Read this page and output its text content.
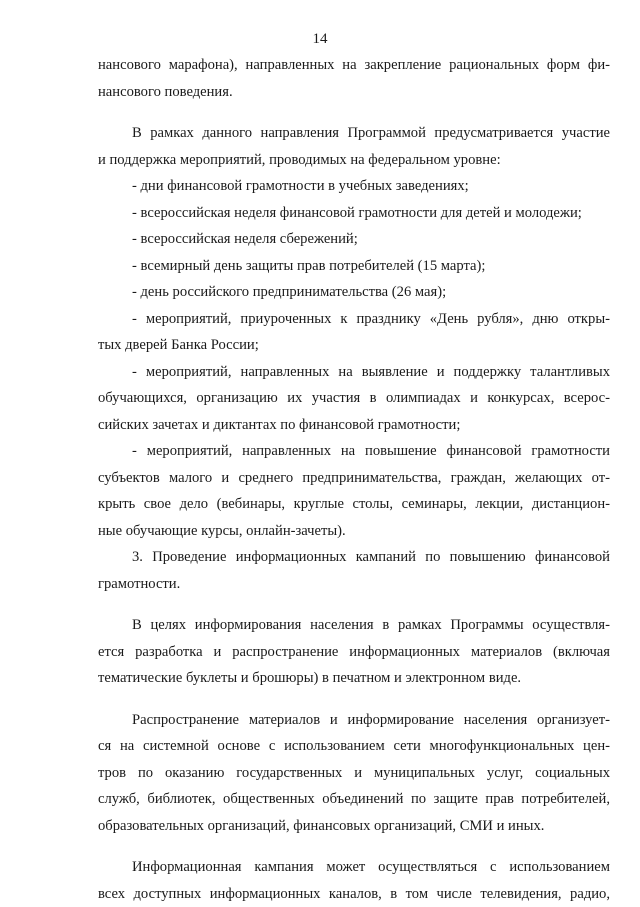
14
нансового марафона), направленных на закрепление рациональных форм фи-
нансового поведения.
В рамках данного направления Программой предусматривается участие
и поддержка мероприятий, проводимых на федеральном уровне:
- дни финансовой грамотности в учебных заведениях;
- всероссийская неделя финансовой грамотности для детей и молодежи;
- всероссийская неделя сбережений;
- всемирный день защиты прав потребителей (15 марта);
- день российского предпринимательства (26 мая);
- мероприятий, приуроченных к празднику «День рубля», дню откры-
тых дверей Банка России;
- мероприятий, направленных на выявление и поддержку талантливых
обучающихся, организацию их участия в олимпиадах и конкурсах, всерос-
сийских зачетах и диктантах по финансовой грамотности;
- мероприятий, направленных на повышение финансовой грамотности
субъектов малого и среднего предпринимательства, граждан, желающих от-
крыть свое дело (вебинары, круглые столы, семинары, лекции, дистанцион-
ные обучающие курсы, онлайн-зачеты).
3. Проведение информационных кампаний по повышению финансовой
грамотности.
В целях информирования населения в рамках Программы осуществля-
ется разработка и распространение информационных материалов (включая
тематические буклеты и брошюры) в печатном и электронном виде.
Распространение материалов и информирование населения организует-
ся на системной основе с использованием сети многофункциональных цен-
тров по оказанию государственных и муниципальных услуг, социальных
служб, библиотек, общественных объединений по защите прав потребителей,
образовательных организаций, финансовых организаций, СМИ и иных.
Информационная кампания может осуществляться с использованием
всех доступных информационных каналов, в том числе телевидения, радио,
